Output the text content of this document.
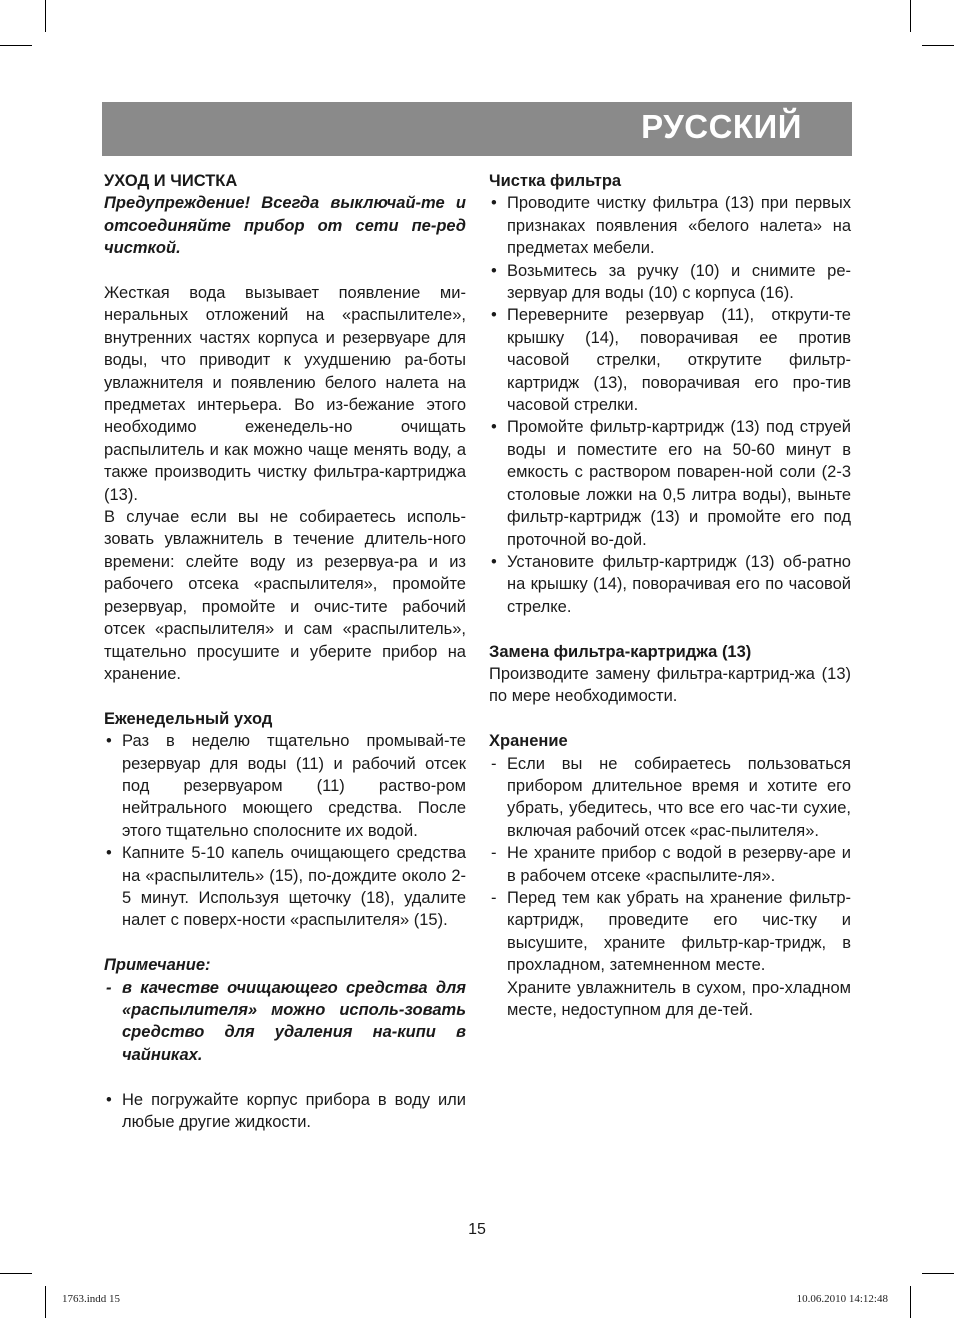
РУССКИЙ
УХОД И ЧИСТКА

Предупреждение! Всегда выключай-те и отсоединяйте прибор от сети пе-ред чисткой.

Жесткая вода вызывает появление ми-неральных отложений на «распылителе», внутренних частях корпуса и резервуаре для воды, что приводит к ухудшению ра-боты увлажнителя и появлению белого налета на предметах интерьера. Во из-бежание этого необходимо еженедель-но очищать распылитель и как можно чаще менять воду, а также производить чистку фильтра-картриджа (13).

В случае если вы не собираетесь исполь-зовать увлажнитель в течение длитель-ного времени: слейте воду из резервуа-ра и из рабочего отсека «распылителя», промойте резервуар, промойте и очис-тите рабочий отсек «распылителя» и сам «распылитель», тщательно просушите и уберите прибор на хранение.

Еженедельный уход
• Раз в неделю тщательно промывай-те резервуар для воды (11) и рабочий отсек под резервуаром (11) раство-ром нейтрального моющего средства. После этого тщательно сполосните их водой.
• Капните 5-10 капель очищающего средства на «распылитель» (15), по-дождите около 2-5 минут. Используя щеточку (18), удалите налет с поверх-ности «распылителя» (15).
Примечание:
- в качестве очищающего средства для «распылителя» можно исполь-зовать средство для удаления на-кипи в чайниках.
• Не погружайте корпус прибора в воду или любые другие жидкости.
Чистка фильтра
• Проводите чистку фильтра (13) при первых признаках появления «белого налета» на предметах мебели.
• Возьмитесь за ручку (10) и снимите ре-зервуар для воды (10) с корпуса (16).
• Переверните резервуар (11), открути-те крышку (14), поворачивая ее против часовой стрелки, открутите фильтр-картридж (13), поворачивая его про-тив часовой стрелки.
• Промойте фильтр-картридж (13) под струей воды и поместите его на 50-60 минут в емкость с раствором поварен-ной соли (2-3 столовые ложки на 0,5 литра воды), выньте фильтр-картридж (13) и промойте его под проточной во-дой.
• Установите фильтр-картридж (13) об-ратно на крышку (14), поворачивая его по часовой стрелке.
Замена фильтра-картриджа (13)

Производите замену фильтра-картрид-жа (13) по мере необходимости.

Хранение
- Если вы не собираетесь пользоваться прибором длительное время и хотите его убрать, убедитесь, что все его час-ти сухие, включая рабочий отсек «рас-пылителя».
- Не храните прибор с водой в резерву-аре и в рабочем отсеке «распылите-ля».
- Перед тем как убрать на хранение фильтр-картридж, проведите его чис-тку и высушите, храните фильтр-кар-тридж, в прохладном, затемненном месте.
Храните увлажнитель в сухом, про-хладном месте, недоступном для де-тей.
15
1763.indd 15	10.06.2010 14:12:48
